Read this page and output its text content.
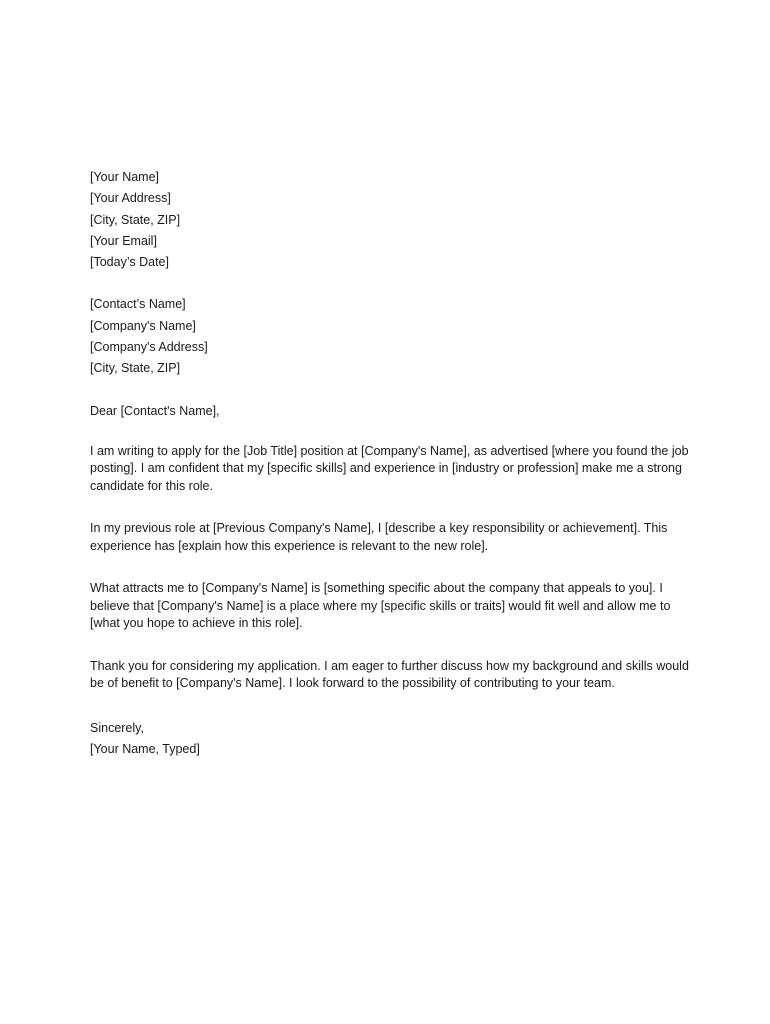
[Your Name]
[Your Address]
[City, State, ZIP]
[Your Email]
[Today’s Date]
[Contact’s Name]
[Company's Name]
[Company's Address]
[City, State, ZIP]
Dear [Contact's Name],
I am writing to apply for the [Job Title] position at [Company's Name], as advertised [where you found the job posting]. I am confident that my [specific skills] and experience in [industry or profession] make me a strong candidate for this role.
In my previous role at [Previous Company's Name], I [describe a key responsibility or achievement]. This experience has [explain how this experience is relevant to the new role].
What attracts me to [Company's Name] is [something specific about the company that appeals to you]. I believe that [Company's Name] is a place where my [specific skills or traits] would fit well and allow me to [what you hope to achieve in this role].
Thank you for considering my application. I am eager to further discuss how my background and skills would be of benefit to [Company's Name]. I look forward to the possibility of contributing to your team.
Sincerely,
[Your Name, Typed]
